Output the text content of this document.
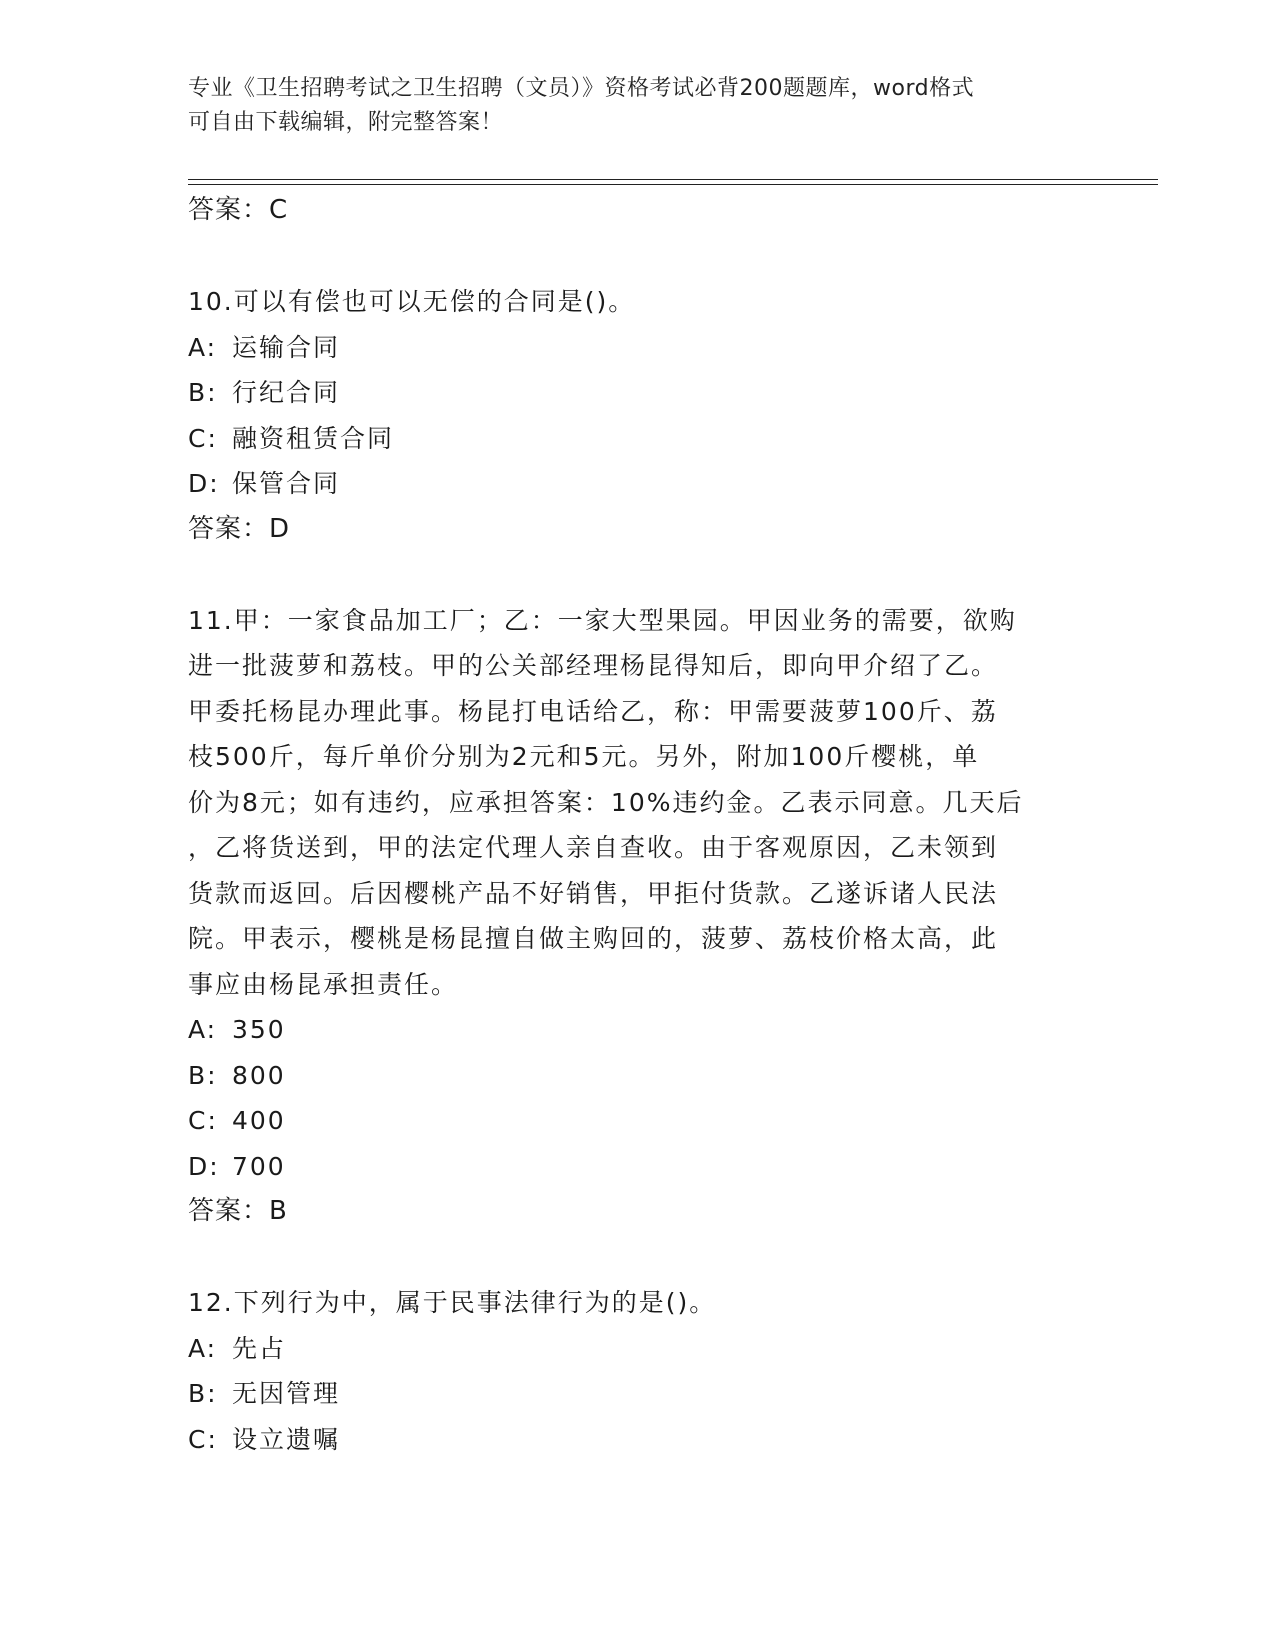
专业《卫生招聘考试之卫生招聘（文员）》资格考试必背200题题库，word格式
可自由下载编辑，附完整答案！
答案：C
10.可以有偿也可以无偿的合同是()。
A: 运输合同
B: 行纪合同
C: 融资租赁合同
D: 保管合同
答案：D
11.甲：一家食品加工厂；乙：一家大型果园。甲因业务的需要，欲购
进一批菠萝和荔枝。甲的公关部经理杨昆得知后，即向甲介绍了乙。
甲委托杨昆办理此事。杨昆打电话给乙，称：甲需要菠萝100斤、荔
枝500斤，每斤单价分别为2元和5元。另外，附加100斤樱桃，单
价为8元；如有违约，应承担答案：10%违约金。乙表示同意。几天后
，乙将货送到，甲的法定代理人亲自查收。由于客观原因，乙未领到
货款而返回。后因樱桃产品不好销售，甲拒付货款。乙遂诉诸人民法
院。甲表示，樱桃是杨昆擅自做主购回的，菠萝、荔枝价格太高，此
事应由杨昆承担责任。
A: 350
B: 800
C: 400
D: 700
答案：B
12.下列行为中，属于民事法律行为的是()。
A: 先占
B: 无因管理
C: 设立遗嘱
